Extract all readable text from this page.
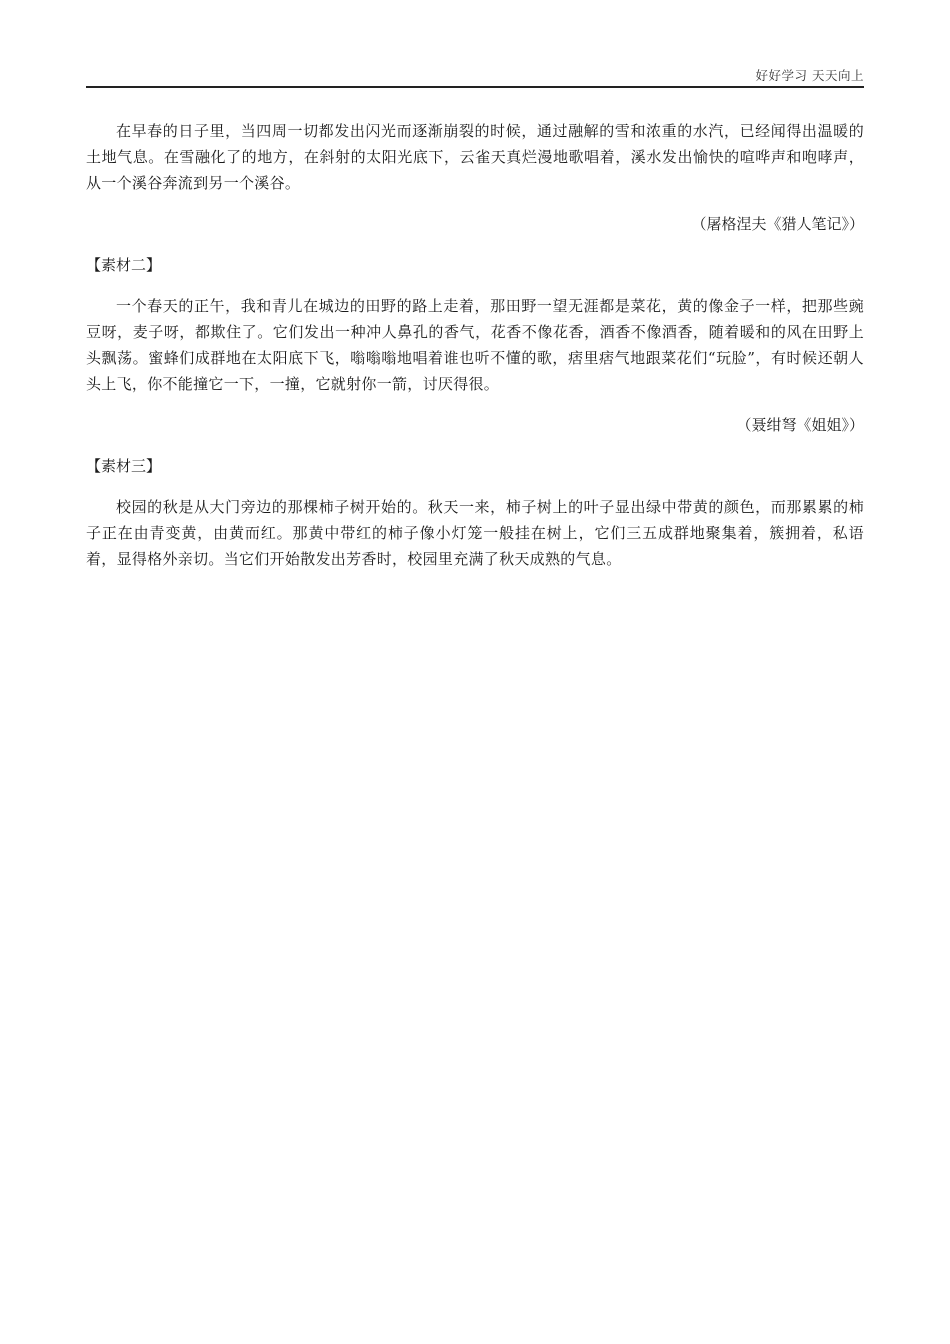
好好学习 天天向上

在早春的日子里，当四周一切都发出闪光而逐渐崩裂的时候，通过融解的雪和浓重的水汽，已经闻得出温暖的土地气息。在雪融化了的地方，在斜射的太阳光底下，云雀天真烂漫地歌唱着，溪水发出愉快的喧哗声和咆哮声，从一个溪谷奔流到另一个溪谷。

（屠格涅夫《猎人笔记》）

【素材二】

一个春天的正午，我和青儿在城边的田野的路上走着，那田野一望无涯都是菜花，黄的像金子一样，把那些豌豆呀，麦子呀，都欺住了。它们发出一种冲人鼻孔的香气，花香不像花香，酒香不像酒香，随着暖和的风在田野上头飘荡。蜜蜂们成群地在太阳底下飞，嗡嗡嗡地唱着谁也听不懂的歌，痞里痞气地跟菜花们“玩脸”，有时候还朝人头上飞，你不能撞它一下，一撞，它就射你一箭，讨厌得很。

（聂绀弩《姐姐》）

【素材三】

校园的秋是从大门旁边的那棵柿子树开始的。秋天一来，柿子树上的叶子显出绿中带黄的颜色，而那累累的柿子正在由青变黄，由黄而红。那黄中带红的柿子像小灯笼一般挂在树上，它们三五成群地聚集着，簇拥着，私语着，显得格外亲切。当它们开始散发出芳香时，校园里充满了秋天成熟的气息。
